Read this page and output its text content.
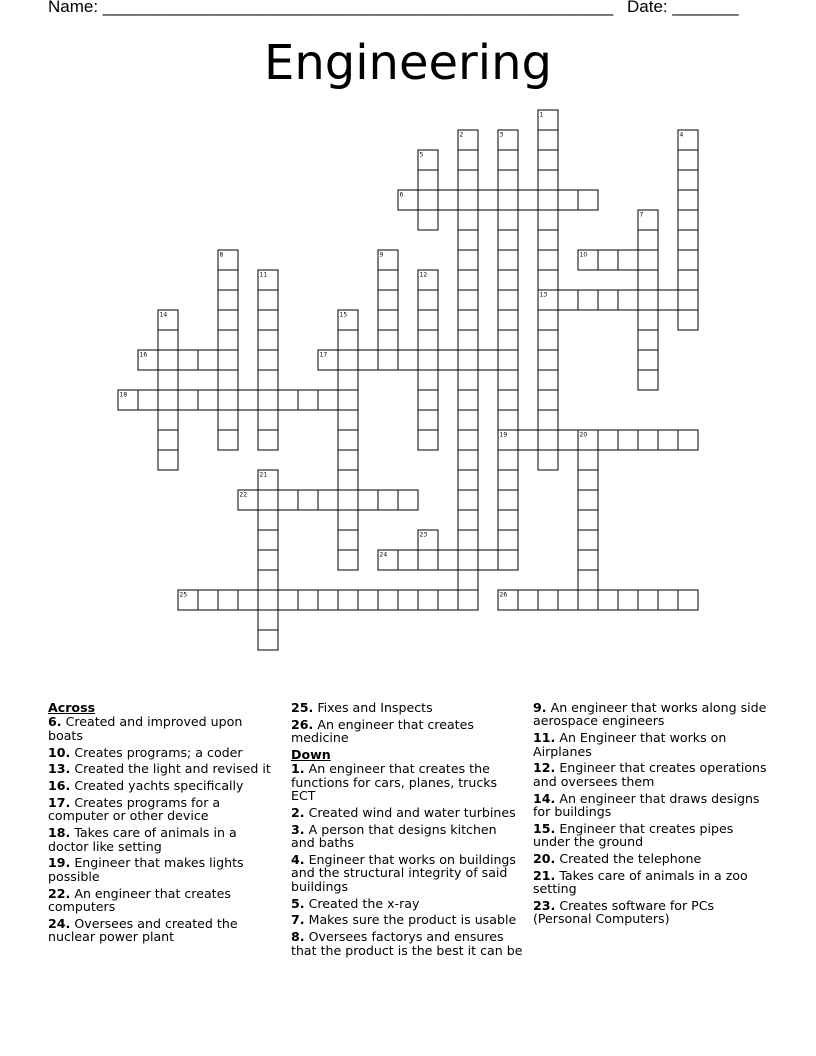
Name: ______________________________________________________ Date: _______
Engineering
1
2	3	4
5
6
7
8	9	10
11	12
13
14	15
16	17
18
19	20
21
22
23
24
25	26
Across
6. Created and improved upon boats
10. Creates programs; a coder
13. Created the light and revised it
16. Created yachts specifically
17. Creates programs for a computer or other device
18. Takes care of animals in a doctor like setting
19. Engineer that makes lights possible
22. An engineer that creates computers
24. Oversees and created the nuclear power plant
25. Fixes and Inspects
26. An engineer that creates medicine
Down
1. An engineer that creates the functions for cars, planes, trucks ECT
2. Created wind and water turbines
3. A person that designs kitchen and baths
4. Engineer that works on buildings and the structural integrity of said buildings
5. Created the x-ray
7. Makes sure the product is usable
8. Oversees factorys and ensures that the product is the best it can be
9. An engineer that works along side aerospace engineers
11. An Engineer that works on Airplanes
12. Engineer that creates operations and oversees them
14. An engineer that draws designs for buildings
15. Engineer that creates pipes under the ground
20. Created the telephone
21. Takes care of animals in a zoo setting
23. Creates software for PCs (Personal Computers)
